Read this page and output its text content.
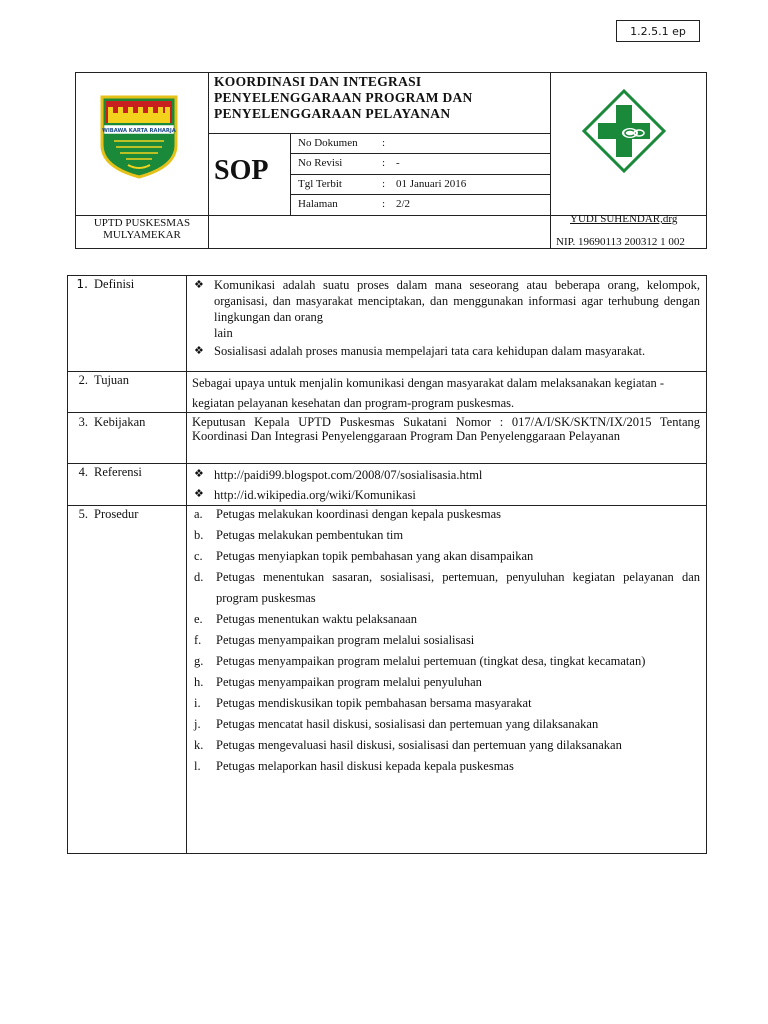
1.2.5.1 ep
WIBAWA KARTA RAHARJA
KOORDINASI DAN INTEGRASI
PENYELENGGARAAN PROGRAM DAN
PENYELENGGARAAN PELAYANAN
SOP
No Dokumen	:
No Revisi	: -
Tgl Terbit	: 01 Januari 2016
Halaman	: 2/2
UPTD PUSKESMAS
MULYAMEKAR
YUDI SUHENDAR,drg
NIP. 19690113 200312 1 002
1. Definisi	❖ Komunikasi adalah suatu proses dalam mana seseorang atau beberapa orang, kelompok, organisasi, dan masyarakat menciptakan, dan menggunakan informasi agar terhubung dengan lingkungan dan orang
lain
❖ Sosialisasi adalah proses manusia mempelajari tata cara kehidupan dalam masyarakat.
2. Tujuan	Sebagai upaya untuk menjalin komunikasi dengan masyarakat dalam melaksanakan kegiatan - kegiatan pelayanan kesehatan dan program-program puskesmas.
3. Kebijakan	Keputusan Kepala UPTD Puskesmas Sukatani Nomor : 017/A/I/SK/SKTN/IX/2015 Tentang Koordinasi Dan Integrasi Penyelenggaraan Program Dan Penyelenggaraan Pelayanan
4. Referensi	❖ http://paidi99.blogspot.com/2008/07/sosialisasia.html
❖ http://id.wikipedia.org/wiki/Komunikasi
5. Prosedur	a. Petugas melakukan koordinasi dengan kepala puskesmas
b. Petugas melakukan pembentukan tim
c. Petugas menyiapkan topik pembahasan yang akan disampaikan
d. Petugas menentukan sasaran, sosialisasi, pertemuan, penyuluhan kegiatan pelayanan dan program puskesmas
e. Petugas menentukan waktu pelaksanaan
f. Petugas menyampaikan program melalui sosialisasi
g. Petugas menyampaikan program melalui pertemuan (tingkat desa, tingkat kecamatan)
h. Petugas menyampaikan program melalui penyuluhan
i. Petugas mendiskusikan topik pembahasan bersama masyarakat
j. Petugas mencatat hasil diskusi, sosialisasi dan pertemuan yang dilaksanakan
k. Petugas mengevaluasi hasil diskusi, sosialisasi dan pertemuan yang dilaksanakan
l. Petugas melaporkan hasil diskusi kepada kepala puskesmas
